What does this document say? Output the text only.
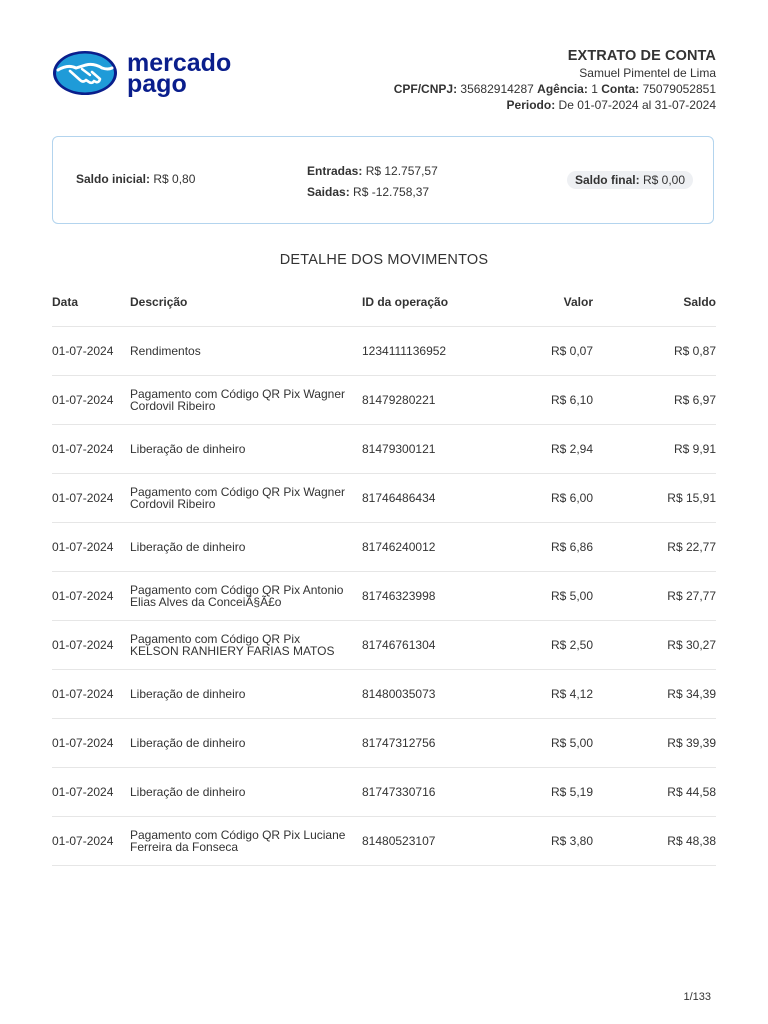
mercado
pago
EXTRATO DE CONTA
Samuel Pimentel de Lima
CPF/CNPJ: 35682914287 Agência: 1 Conta: 75079052851
Periodo: De 01-07-2024 al 31-07-2024
Saldo inicial: R$ 0,80
Entradas: R$ 12.757,57
Saidas: R$ -12.758,37
Saldo final: R$ 0,00
DETALHE DOS MOVIMENTOS
Data	Descrição	ID da operação	Valor	Saldo
01-07-2024	Rendimentos	1234111136952	R$ 0,07	R$ 0,87
01-07-2024	Pagamento com Código QR Pix Wagner
Cordovil Ribeiro	81479280221	R$ 6,10	R$ 6,97
01-07-2024	Liberação de dinheiro	81479300121	R$ 2,94	R$ 9,91
01-07-2024	Pagamento com Código QR Pix Wagner
Cordovil Ribeiro	81746486434	R$ 6,00	R$ 15,91
01-07-2024	Liberação de dinheiro	81746240012	R$ 6,86	R$ 22,77
01-07-2024	Pagamento com Código QR Pix Antonio
Elias Alves da ConceiÃ§Ã£o	81746323998	R$ 5,00	R$ 27,77
01-07-2024	Pagamento com Código QR Pix
KELSON RANHIERY FARIAS MATOS 81746761304	R$ 2,50	R$ 30,27
01-07-2024	Liberação de dinheiro	81480035073	R$ 4,12	R$ 34,39
01-07-2024	Liberação de dinheiro	81747312756	R$ 5,00	R$ 39,39
01-07-2024	Liberação de dinheiro	81747330716	R$ 5,19	R$ 44,58
01-07-2024	Pagamento com Código QR Pix Luciane
Ferreira da Fonseca	81480523107	R$ 3,80	R$ 48,38
1/133
